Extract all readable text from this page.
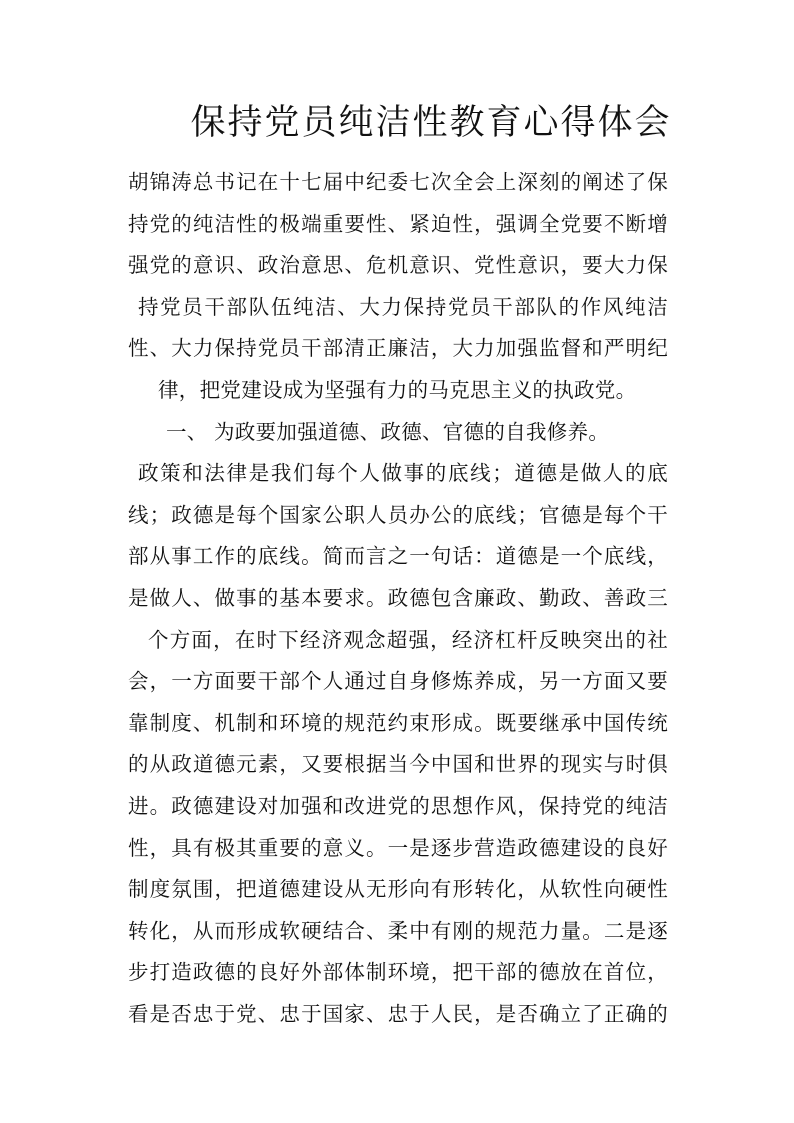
保持党员纯洁性教育心得体会
胡锦涛总书记在十七届中纪委七次全会上深刻的阐述了保
持党的纯洁性的极端重要性、紧迫性，强调全党要不断增
强党的意识、政治意思、危机意识、党性意识，要大力保
持党员干部队伍纯洁、大力保持党员干部队的作风纯洁
性、大力保持党员干部清正廉洁，大力加强监督和严明纪
律，把党建设成为坚强有力的马克思主义的执政党。
一、 为政要加强道德、政德、官德的自我修养。
政策和法律是我们每个人做事的底线；道德是做人的底
线；政德是每个国家公职人员办公的底线；官德是每个干
部从事工作的底线。简而言之一句话：道德是一个底线，
是做人、做事的基本要求。政德包含廉政、勤政、善政三
个方面，在时下经济观念超强，经济杠杆反映突出的社
会，一方面要干部个人通过自身修炼养成，另一方面又要
靠制度、机制和环境的规范约束形成。既要继承中国传统
的从政道德元素，又要根据当今中国和世界的现实与时俱
进。政德建设对加强和改进党的思想作风，保持党的纯洁
性，具有极其重要的意义。一是逐步营造政德建设的良好
制度氛围，把道德建设从无形向有形转化，从软性向硬性
转化，从而形成软硬结合、柔中有刚的规范力量。二是逐
步打造政德的良好外部体制环境，把干部的德放在首位，
看是否忠于党、忠于国家、忠于人民，是否确立了正确的
